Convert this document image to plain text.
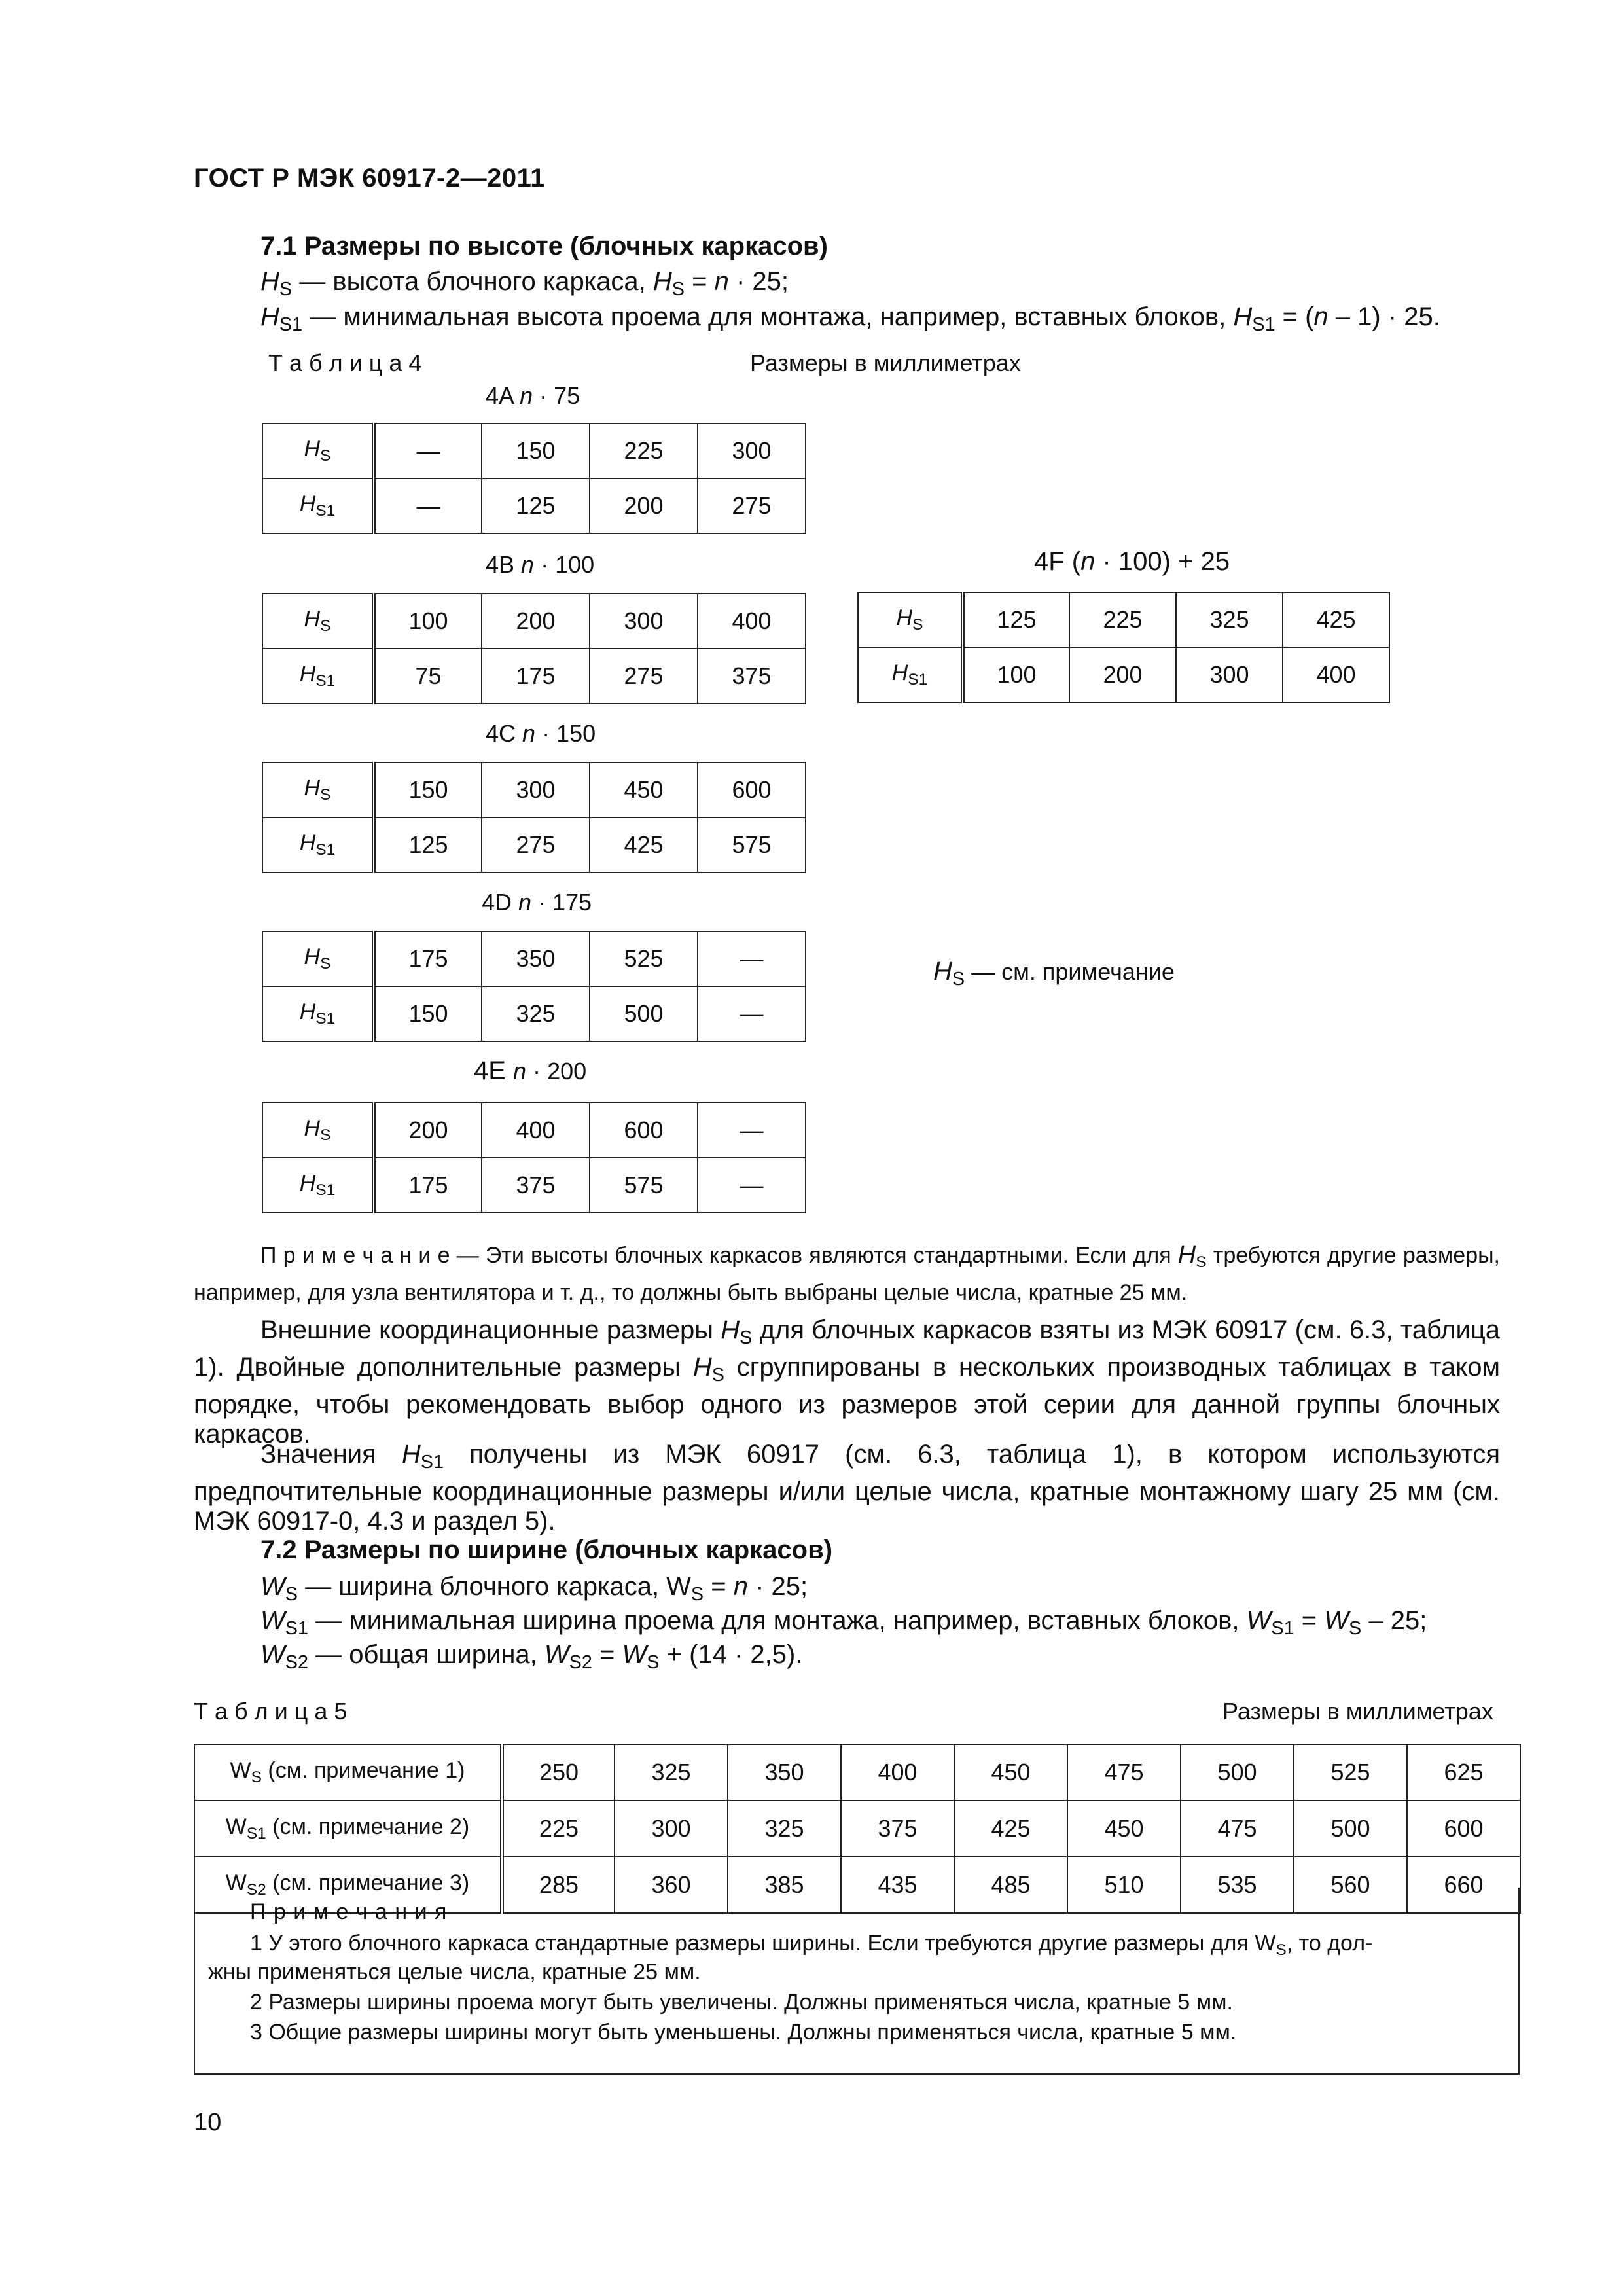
ГОСТ Р МЭК 60917-2—2011
7.1 Размеры по высоте (блочных каркасов)
$H_S$ — высота блочного каркаса, $H_S = n \cdot 25$;
$H_{S1}$ — минимальная высота проема для монтажа, например, вставных блоков, $H_{S1} = (n - 1) \cdot 25$.
Т а б л и ц а 4	Размеры в миллиметрах
4A n · 75
$H_S$	—	150	225	300
$H_{S1}$	—	125	200	275
4B n · 100
$H_S$	100	200	300	400
$H_{S1}$	75	175	275	375
4F (n · 100) + 25
$H_S$	125	225	325	425
$H_{S1}$	100	200	300	400
4C n · 150
$H_S$	150	300	450	600
$H_{S1}$	125	275	425	575
4D n · 175
$H_S$	175	350	525	—
$H_{S1}$	150	325	500	—
$H_S$ — см. примечание
4E n · 200
$H_S$	200	400	600	—
$H_{S1}$	175	375	575	—
П р и м е ч а н и е — Эти высоты блочных каркасов являются стандартными. Если для $H_S$ требуются другие размеры, например, для узла вентилятора и т. д., то должны быть выбраны целые числа, кратные 25 мм.
Внешние координационные размеры $H_S$ для блочных каркасов взяты из МЭК 60917 (см. 6.3, таблица 1). Двойные дополнительные размеры $H_S$ сгруппированы в нескольких производных таблицах в таком порядке, чтобы рекомендовать выбор одного из размеров этой серии для данной группы блочных каркасов.
Значения $H_{S1}$ получены из МЭК 60917 (см. 6.3, таблица 1), в котором используются предпочтительные координационные размеры и/или целые числа, кратные монтажному шагу 25 мм (см. МЭК 60917-0, 4.3 и раздел 5).
7.2 Размеры по ширине (блочных каркасов)
$W_S$ — ширина блочного каркаса, $W_S = n \cdot 25$;
$W_{S1}$ — минимальная ширина проема для монтажа, например, вставных блоков, $W_{S1} = W_S - 25$;
$W_{S2}$ — общая ширина, $W_{S2} = W_S + (14 \cdot 2,5)$.
Т а б л и ц а 5	Размеры в миллиметрах
$W_S$ (см. примечание 1)	250	325	350	400	450	475	500	525	625
$W_{S1}$ (см. примечание 2)	225	300	325	375	425	450	475	500	600
$W_{S2}$ (см. примечание 3)	285	360	385	435	485	510	535	560	660
П р и м е ч а н и я
1 У этого блочного каркаса стандартные размеры ширины. Если требуются другие размеры для $W_S$, то дол-
жны применяться целые числа, кратные 25 мм.
2 Размеры ширины проема могут быть увеличены. Должны применяться числа, кратные 5 мм.
3 Общие размеры ширины могут быть уменьшены. Должны применяться числа, кратные 5 мм.
10
